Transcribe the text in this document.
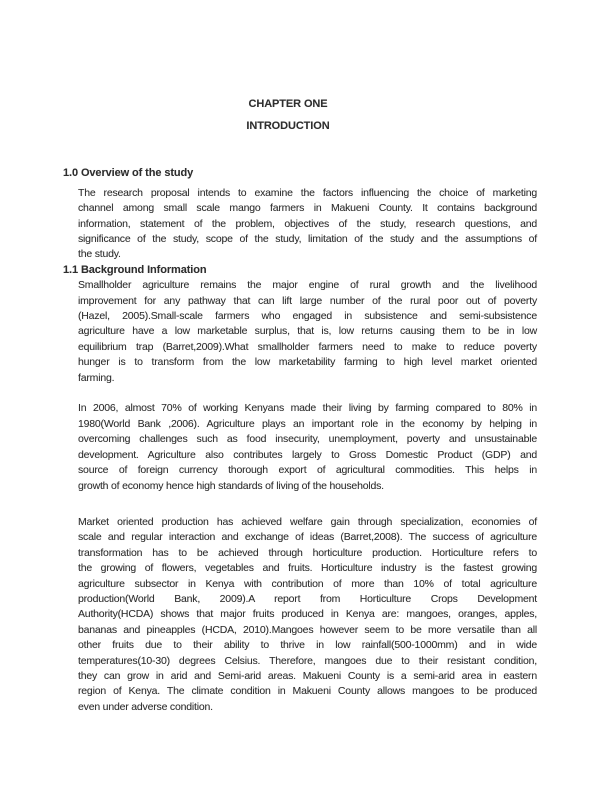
CHAPTER ONE
INTRODUCTION
1.0 Overview of the study
The research proposal intends to examine the factors influencing the choice of marketing
channel among small scale mango farmers in Makueni County. It contains background
information, statement of the problem, objectives of the study, research questions, and
significance of the study, scope of the study, limitation of the study and the assumptions of
the study.
1.1 Background Information
Smallholder agriculture remains the major engine of rural growth and the livelihood
improvement for any pathway that can lift large number of the rural poor out of poverty
(Hazel, 2005).Small-scale farmers who engaged in subsistence and semi-subsistence
agriculture have a low marketable surplus, that is, low returns causing them to be in low
equilibrium trap (Barret,2009).What smallholder farmers need to make to reduce poverty
hunger is to transform from the low marketability farming to high level market oriented
farming.
In 2006, almost 70% of working Kenyans made their living by farming compared to 80% in
1980(World Bank ,2006). Agriculture plays an important role in the economy by helping in
overcoming challenges such as food insecurity, unemployment, poverty and unsustainable
development. Agriculture also contributes largely to Gross Domestic Product (GDP) and
source of foreign currency thorough export of agricultural commodities. This helps in
growth of economy hence high standards of living of the households.
Market oriented production has achieved welfare gain through specialization, economies of
scale and regular interaction and exchange of ideas (Barret,2008). The success of agriculture
transformation has to be achieved through horticulture production. Horticulture refers to
the growing of flowers, vegetables and fruits. Horticulture industry is the fastest growing
agriculture subsector in Kenya with contribution of more than 10% of total agriculture
production(World Bank, 2009).A report from Horticulture Crops Development
Authority(HCDA) shows that major fruits produced in Kenya are: mangoes, oranges, apples,
bananas and pineapples (HCDA, 2010).Mangoes however seem to be more versatile than all
other fruits due to their ability to thrive in low rainfall(500-1000mm) and in wide
temperatures(10-30) degrees Celsius. Therefore, mangoes due to their resistant condition,
they can grow in arid and Semi-arid areas. Makueni County is a semi-arid area in eastern
region of Kenya. The climate condition in Makueni County allows mangoes to be produced
even under adverse condition.
